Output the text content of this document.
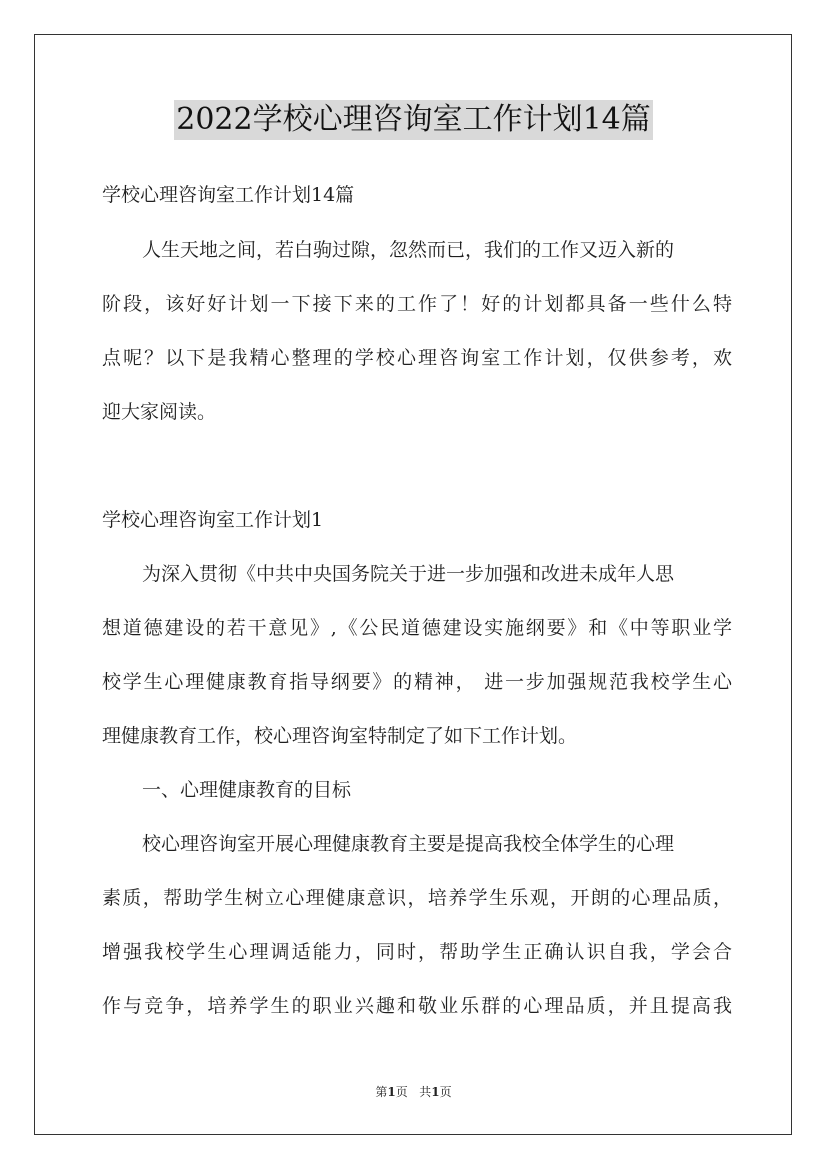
2022学校心理咨询室工作计划14篇
学校心理咨询室工作计划14篇
人生天地之间，若白驹过隙，忽然而已，我们的工作又迈入新的
阶段，该好好计划一下接下来的工作了！好的计划都具备一些什么特
点呢？以下是我精心整理的学校心理咨询室工作计划，仅供参考，欢
迎大家阅读。
学校心理咨询室工作计划1
为深入贯彻《中共中央国务院关于进一步加强和改进未成年人思
想道德建设的若干意见》,《公民道德建设实施纲要》和《中等职业学
校学生心理健康教育指导纲要》的精神， 进一步加强规范我校学生心
理健康教育工作，校心理咨询室特制定了如下工作计划。
一、心理健康教育的目标
校心理咨询室开展心理健康教育主要是提高我校全体学生的心理
素质，帮助学生树立心理健康意识，培养学生乐观，开朗的心理品质，
增强我校学生心理调适能力，同时，帮助学生正确认识自我，学会合
作与竞争，培养学生的职业兴趣和敬业乐群的心理品质，并且提高我
第1页 共1页
